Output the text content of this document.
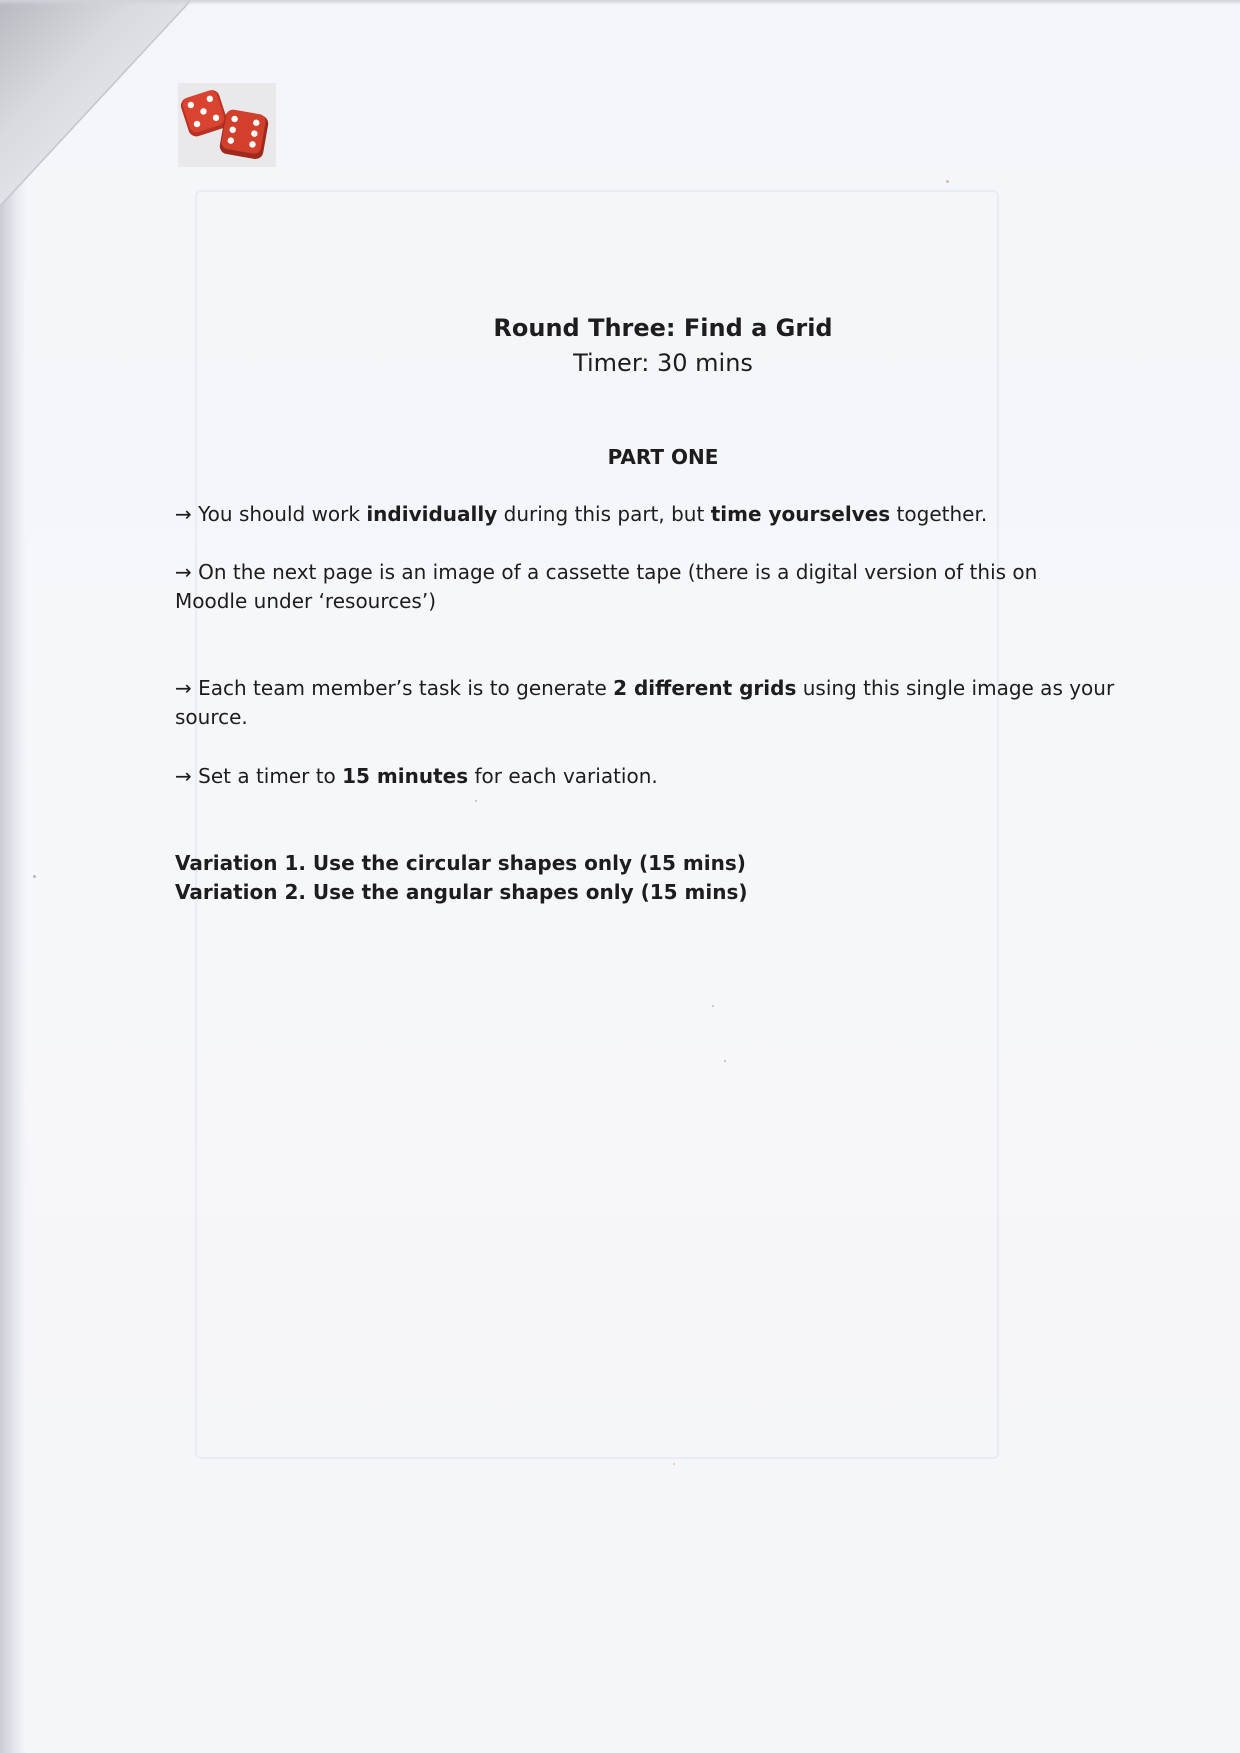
Round Three: Find a Grid
Timer: 30 mins
PART ONE
→ You should work individually during this part, but time yourselves together.
→ On the next page is an image of a cassette tape (there is a digital version of this on Moodle under ‘resources’)
→ Each team member’s task is to generate 2 different grids using this single image as your source.
→ Set a timer to 15 minutes for each variation.
Variation 1. Use the circular shapes only (15 mins)
Variation 2. Use the angular shapes only (15 mins)
